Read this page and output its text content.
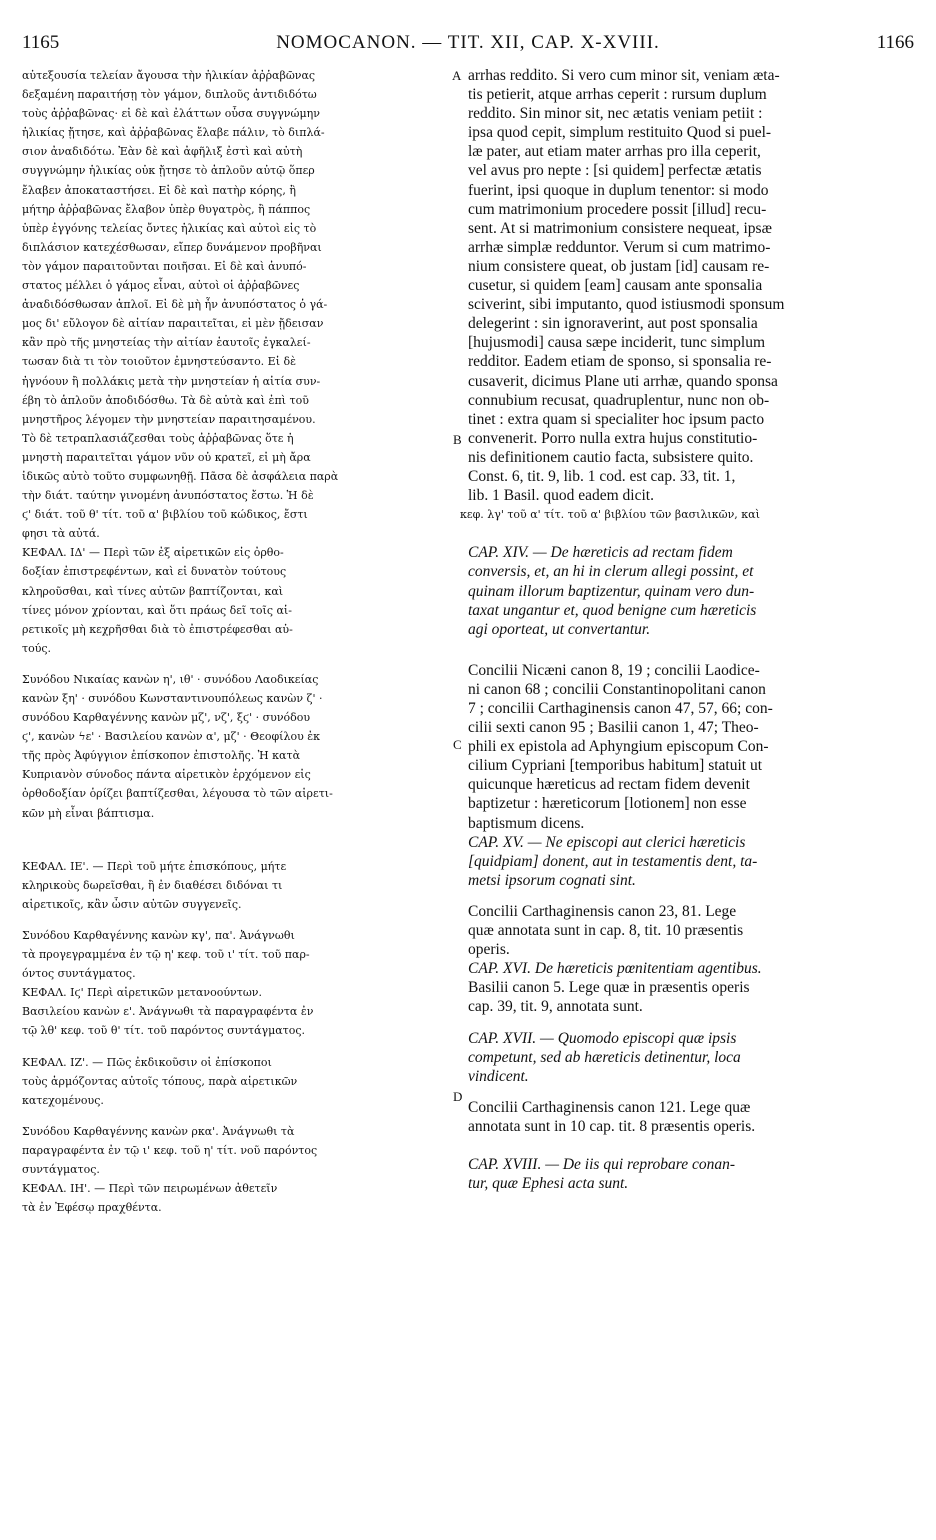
1165	NOMOCANON. — TIT. XII, CAP. X-XVIII.	1166
A
B
C
D
αὐτεξουσία τελείαν ἄγουσα τὴν ἡλικίαν ἀῤῥαβῶνας
δεξαμένη παραιτήσῃ τὸν γάμον, διπλοῦς ἀντιδιδότω
τοὺς ἀῤῥαβῶνας· εἰ δὲ καὶ ἐλάττων οὖσα συγγνώμην
ἡλικίας ᾔτησε, καὶ ἀῤῥαβῶνας ἔλαβε πάλιν, τὸ διπλά-
σιον ἀναδιδότω. Ἐὰν δὲ καὶ ἀφῆλιξ ἐστὶ καὶ αὐτὴ
συγγνώμην ἡλικίας οὐκ ᾔτησε τὸ ἁπλοῦν αὐτῷ ὅπερ
ἔλαβεν ἀποκαταστήσει. Εἰ δὲ καὶ πατὴρ κόρης, ἢ
μήτηρ ἀῤῥαβῶνας ἔλαβον ὑπὲρ θυγατρὸς, ἢ πάππος
ὑπὲρ ἐγγόνης τελείας ὄντες ἡλικίας καὶ αὐτοὶ εἰς τὸ
διπλάσιον κατεχέσθωσαν, εἴπερ δυνάμενον προβῆναι
τὸν γάμον παραιτοῦνται ποιῆσαι. Εἰ δὲ καὶ ἀνυπό-
στατος μέλλει ὁ γάμος εἶναι, αὐτοὶ οἱ ἀῤῥαβῶνες
ἀναδιδόσθωσαν ἁπλοῖ. Εἰ δὲ μὴ ἦν ἀνυπόστατος ὁ γά-
μος δι' εὔλογον δὲ αἰτίαν παραιτεῖται, εἰ μὲν ᾔδεισαν
κἂν πρὸ τῆς μνηστείας τὴν αἰτίαν ἑαυτοῖς ἐγκαλεί-
τωσαν διὰ τι τὸν τοιοῦτον ἐμνηστεύσαντο. Εἰ δὲ
ἠγνόουν ἢ πολλάκις μετὰ τὴν μνηστείαν ἡ αἰτία συν-
έβη τὸ ἁπλοῦν ἀποδιδόσθω. Τὰ δὲ αὐτὰ καὶ ἐπὶ τοῦ
μνηστῆρος λέγομεν τὴν μνηστείαν παραιτησαμένου.
Τὸ δὲ τετραπλασιάζεσθαι τοὺς ἀῤῥαβῶνας ὅτε ἡ
μνηστὴ παραιτεῖται γάμον νῦν οὐ κρατεῖ, εἰ μὴ ἄρα
ἰδικῶς αὐτὸ τοῦτο συμφωνηθῇ. Πᾶσα δὲ ἀσφάλεια παρὰ
τὴν διάτ. ταύτην γινομένη ἀνυπόστατος ἔστω. Ἡ δὲ
ϛ' διάτ. τοῦ θ' τίτ. τοῦ α' βιβλίου τοῦ κώδικος, ἔστι
φησι τὰ αὐτά.
ΚΕΦΑΛ. ΙΔ' — Περὶ τῶν ἐξ αἱρετικῶν εἰς ὀρθο-
δοξίαν ἐπιστρεφέντων, καὶ εἰ δυνατὸν τούτους
κληροῦσθαι, καὶ τίνες αὐτῶν βαπτίζονται, καὶ
τίνες μόνον χρίονται, καὶ ὅτι πράως δεῖ τοῖς αἱ-
ρετικοῖς μὴ κεχρῆσθαι διὰ τὸ ἐπιστρέφεσθαι αὐ-
τούς.
Συνόδου Νικαίας κανὼν η', ιθ' · συνόδου Λαοδικείας
κανὼν ξη' · συνόδου Κωνσταντινουπόλεως κανὼν ζ' ·
συνόδου Καρθαγέννης κανὼν μζ', νζ', ξϛ' · συνόδου
ϛ', κανὼν ϟε' · Βασιλείου κανὼν α', μζ' · Θεοφίλου ἐκ
τῆς πρὸς Ἀφύγγιον ἐπίσκοπον ἐπιστολῆς. Ἡ κατὰ
Κυπριανὸν σύνοδος πάντα αἱρετικὸν ἐρχόμενον εἰς
ὀρθοδοξίαν ὁρίζει βαπτίζεσθαι, λέγουσα τὸ τῶν αἱρετι-
κῶν μὴ εἶναι βάπτισμα.
ΚΕΦΑΛ. ΙΕ'. — Περὶ τοῦ μήτε ἐπισκόπους, μήτε
κληρικοὺς δωρεῖσθαι, ἢ ἐν διαθέσει διδόναι τι
αἱρετικοῖς, κἂν ὦσιν αὐτῶν συγγενεῖς.
Συνόδου Καρθαγέννης κανὼν κγ', πα'. Ἀνάγνωθι
τὰ προγεγραμμένα ἐν τῷ η' κεφ. τοῦ ι' τίτ. τοῦ παρ-
όντος συντάγματος.
ΚΕΦΑΛ. Ιϛ' Περὶ αἱρετικῶν μετανοούντων.
Βασιλείου κανὼν ε'. Ἀνάγνωθι τὰ παραγραφέντα ἐν
τῷ λθ' κεφ. τοῦ θ' τίτ. τοῦ παρόντος συντάγματος.
ΚΕΦΑΛ. ΙΖ'. — Πῶς ἐκδικοῦσιν οἱ ἐπίσκοποι
τοὺς ἁρμόζοντας αὐτοῖς τόπους, παρὰ αἱρετικῶν
κατεχομένους.
Συνόδου Καρθαγέννης κανὼν ρκα'. Ἀνάγνωθι τὰ
παραγραφέντα ἐν τῷ ι' κεφ. τοῦ η' τίτ. νοῦ παρόντος
συντάγματος.
ΚΕΦΑΛ. ΙΗ'. — Περὶ τῶν πειρωμένων ἀθετεῖν
τὰ ἐν Ἐφέσῳ πραχθέντα.
arrhas reddito. Si vero cum minor sit, veniam æta-
tis petierit, atque arrhas ceperit : rursum duplum
reddito. Sin minor sit, nec ætatis veniam petiit :
ipsa quod cepit, simplum restituito Quod si puel-
læ pater, aut etiam mater arrhas pro illa ceperit,
vel avus pro nepte : [si quidem] perfectæ ætatis
fuerint, ipsi quoque in duplum tenentor: si modo
cum matrimonium procedere possit [illud] recu-
sent. At si matrimonium consistere nequeat, ipsæ
arrhæ simplæ redduntor. Verum si cum matrimo-
nium consistere queat, ob justam [id] causam re-
cusetur, si quidem [eam] causam ante sponsalia
sciverint, sibi imputanto, quod istiusmodi sponsum
delegerint : sin ignoraverint, aut post sponsalia
[hujusmodi] causa sæpe inciderit, tunc simplum
redditor. Eadem etiam de sponso, si sponsalia re-
cusaverit, dicimus Plane uti arrhæ, quando sponsa
connubium recusat, quadruplentur, nunc non ob-
tinet : extra quam si specialiter hoc ipsum pacto
convenerit. Porro nulla extra hujus constitutio-
nis definitionem cautio facta, subsistere quito.
Const. 6, tit. 9, lib. 1 cod. est cap. 33, tit. 1,
lib. 1 Basil. quod eadem dicit.
κεφ. λγ' τοῦ α' τίτ. τοῦ α' βιβλίου τῶν βασιλικῶν, καὶ
CAP. XIV. — De hæreticis ad rectam fidem
conversis, et, an hi in clerum allegi possint, et
quinam illorum baptizentur, quinam vero dun-
taxat ungantur et, quod benigne cum hæreticis
agi oporteat, ut convertantur.
Concilii Nicæni canon 8, 19 ; concilii Laodice-
ni canon 68 ; concilii Constantinopolitani canon
7 ; concilii Carthaginensis canon 47, 57, 66; con-
cilii sexti canon 95 ; Basilii canon 1, 47; Theo-
phili ex epistola ad Aphyngium episcopum Con-
cilium Cypriani [temporibus habitum] statuit ut
quicunque hæreticus ad rectam fidem devenit
baptizetur : hæreticorum [lotionem] non esse
baptismum dicens.
CAP. XV. — Ne episcopi aut clerici hæreticis
[quidpiam] donent, aut in testamentis dent, ta-
metsi ipsorum cognati sint.
Concilii Carthaginensis canon 23, 81. Lege
quæ annotata sunt in cap. 8, tit. 10 præsentis
operis.
CAP. XVI. De hæreticis pœnitentiam agentibus.
Basilii canon 5. Lege quæ in præsentis operis
cap. 39, tit. 9, annotata sunt.
CAP. XVII. — Quomodo episcopi quæ ipsis
competunt, sed ab hæreticis detinentur, loca
vindicent.
Concilii Carthaginensis canon 121. Lege quæ
annotata sunt in 10 cap. tit. 8 præsentis operis.
CAP. XVIII. — De iis qui reprobare conan-
tur, quæ Ephesi acta sunt.
